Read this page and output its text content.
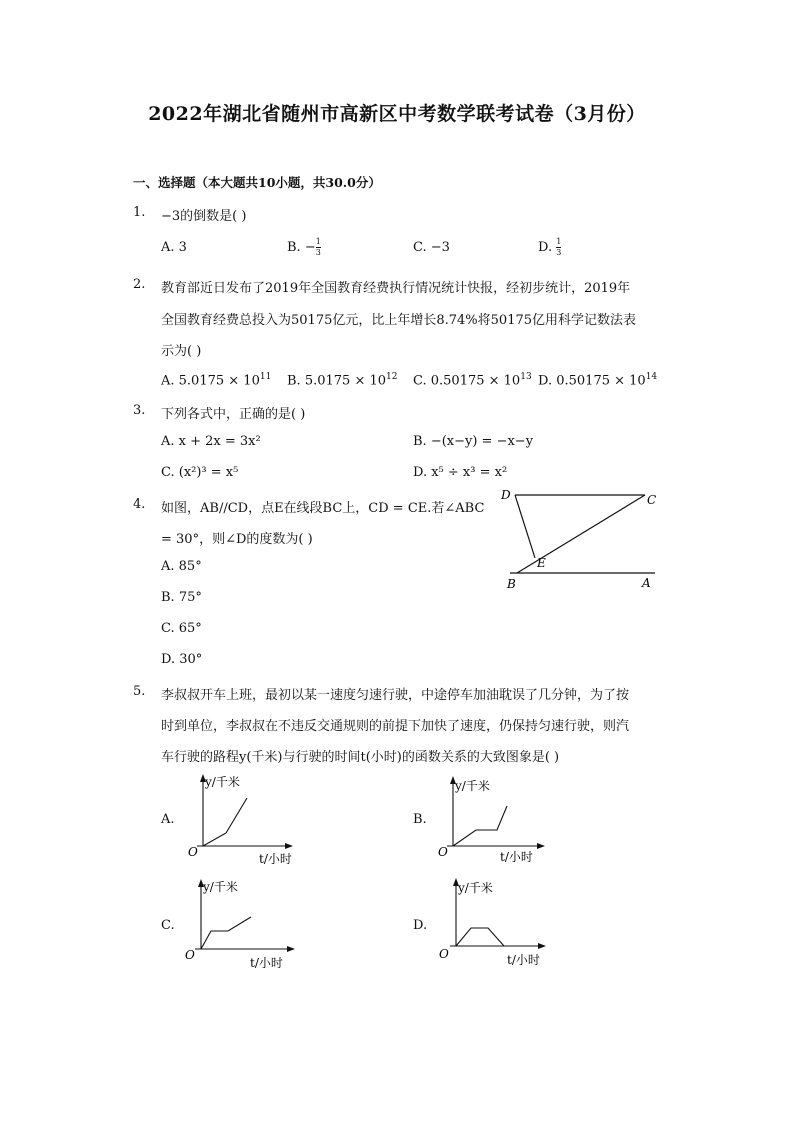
2022年湖北省随州市高新区中考数学联考试卷（3月份）
一、选择题（本大题共10小题，共30.0分）
1. −3的倒数是( )
A. 3	B. − $\frac{1}{3}$	C. −3	D. $\frac{1}{3}$
2. 教育部近日发布了2019年全国教育经费执行情况统计快报，经初步统计，2019年
全国教育经费总投入为50175亿元，比上年增长8.74%将50175亿用科学记数法表
示为( )
A. $5.0175 \times 10^{11}$ B. $5.0175 \times 10^{12}$ C. $0.50175 \times 10^{13}$ D. $0.50175 \times 10^{14}$
3. 下列各式中，正确的是( )
A. x + 2x = 3x²	B. −(x−y) = −x−y
C. (x²)³ = x⁵	D. x⁵ ÷ x³ = x²
4. 如图，AB//CD，点E在线段BC上，CD = CE.若∠ABC
= 30°，则∠D的度数为( )
A. 85°
B. 75°
C. 65°
D. 30°
D	C
E
B	A
5. 李叔叔开车上班，最初以某一速度匀速行驶，中途停车加油耽误了几分钟，为了按
时到单位，李叔叔在不违反交通规则的前提下加快了速度，仍保持匀速行驶，则汽
车行驶的路程y(千米)与行驶的时间t(小时)的函数关系的大致图象是( )
A.
y/千米
O	t/小时
B.
y/千米
O	t/小时
C.
y/千米
O
t/小时
D.
y/千米
O	t/小时
